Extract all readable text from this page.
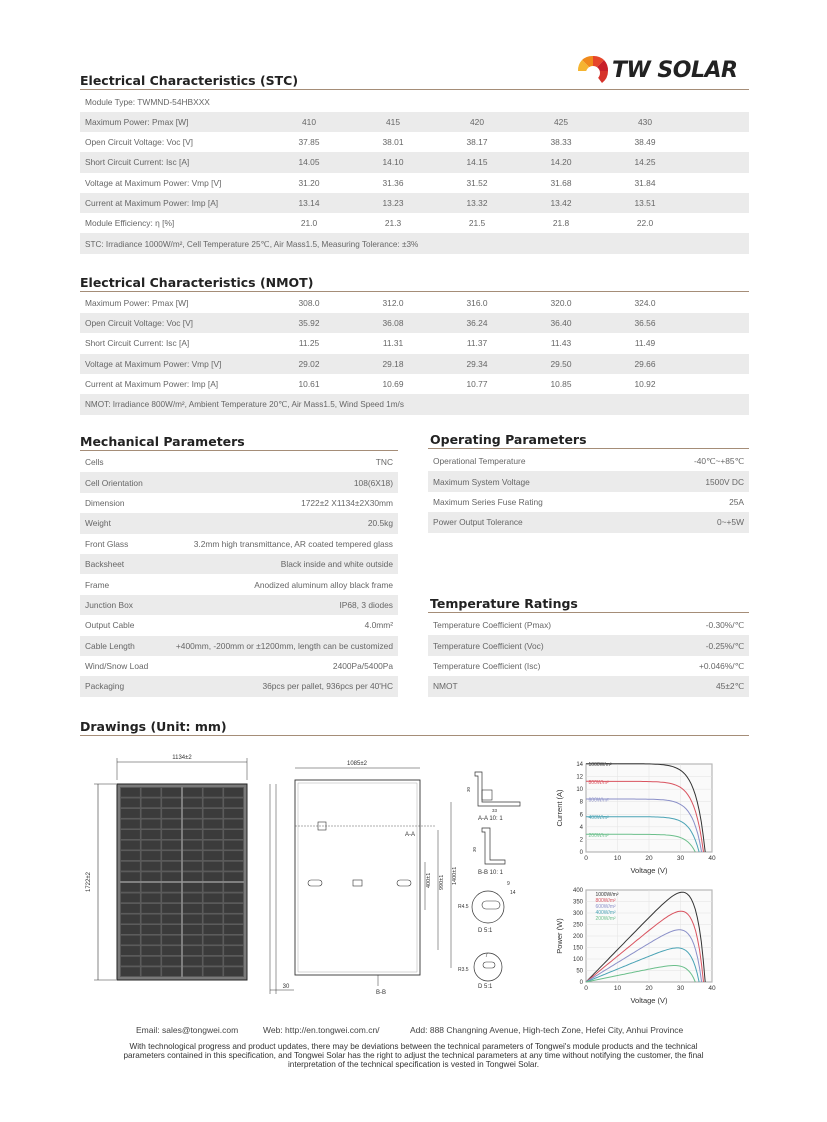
TW SOLAR
Electrical Characteristics (STC)
Module Type: TWMND-54HBXXX						
Maximum Power: Pmax [W]	410	415	420	425	430	
Open Circuit Voltage: Voc [V]	37.85	38.01	38.17	38.33	38.49	
Short Circuit Current: Isc [A]	14.05	14.10	14.15	14.20	14.25	
Voltage at Maximum Power: Vmp [V]	31.20	31.36	31.52	31.68	31.84	
Current at Maximum Power: Imp [A]	13.14	13.23	13.32	13.42	13.51	
Module Efficiency: η [%]	21.0	21.3	21.5	21.8	22.0	
STC: Irradiance 1000W/m², Cell Temperature 25℃, Air Mass1.5, Measuring Tolerance: ±3%						
Electrical Characteristics (NMOT)
Maximum Power: Pmax [W]	308.0	312.0	316.0	320.0	324.0	
Open Circuit Voltage: Voc [V]	35.92	36.08	36.24	36.40	36.56	
Short Circuit Current: Isc [A]	11.25	11.31	11.37	11.43	11.49	
Voltage at Maximum Power: Vmp [V]	29.02	29.18	29.34	29.50	29.66	
Current at Maximum Power: Imp [A]	10.61	10.69	10.77	10.85	10.92	
NMOT: Irradiance 800W/m², Ambient Temperature 20℃, Air Mass1.5, Wind Speed 1m/s						
Mechanical Parameters
Cells	TNC
Cell Orientation	108(6X18)
Dimension	1722±2 X1134±2X30mm
Weight	20.5kg
Front Glass	3.2mm high transmittance, AR coated tempered glass
Backsheet	Black inside and white outside
Frame	Anodized aluminum alloy black frame
Junction Box	IP68, 3 diodes
Output Cable	4.0mm²
Cable Length	+400mm, -200mm or ±1200mm, length can be customized
Wind/Snow Load	2400Pa/5400Pa
Packaging	36pcs per pallet, 936pcs per 40'HC
Operating Parameters
Operational Temperature	-40℃~+85℃
Maximum System Voltage	1500V DC
Maximum Series Fuse Rating	25A
Power Output Tolerance	0~+5W
Temperature Ratings
Temperature Coefficient (Pmax)	-0.30%/℃
Temperature Coefficient (Voc)	-0.25%/℃
Temperature Coefficient (Isc)	+0.046%/℃
NMOT	45±2℃
Drawings (Unit: mm)
1134±2
1722±2
30
1085±2
A-A
400±1 990±1 1400±1
B-B
30
33
A-A 10: 1
30
B-B 10: 1
9
14
R4.5
D 5:1
7
R3.5
D 5:1
0
2
4
6
8
10
12
14
0	10	20	30	40
Voltage (V)
Current (A)
1000W/m²
800W/m²
600W/m²
400W/m²
200W/m²
0
50
100
150
200
250
300
350
400
0	10	20	30	40
Voltage (V)
Power (W)
1000W/m²
800W/m²
600W/m²
400W/m²
200W/m²
Email: sales@tongwei.com	Web: http://en.tongwei.com.cn/	Add: 888 Changning Avenue, High-tech Zone, Hefei City, Anhui Province
With technological progress and product updates, there may be deviations between the technical parameters of Tongwei's module products and the technical parameters contained in this specification, and Tongwei Solar has the right to adjust the technical parameters at any time without notifying the customer, the final interpretation of the technical specification is vested in Tongwei Solar.
